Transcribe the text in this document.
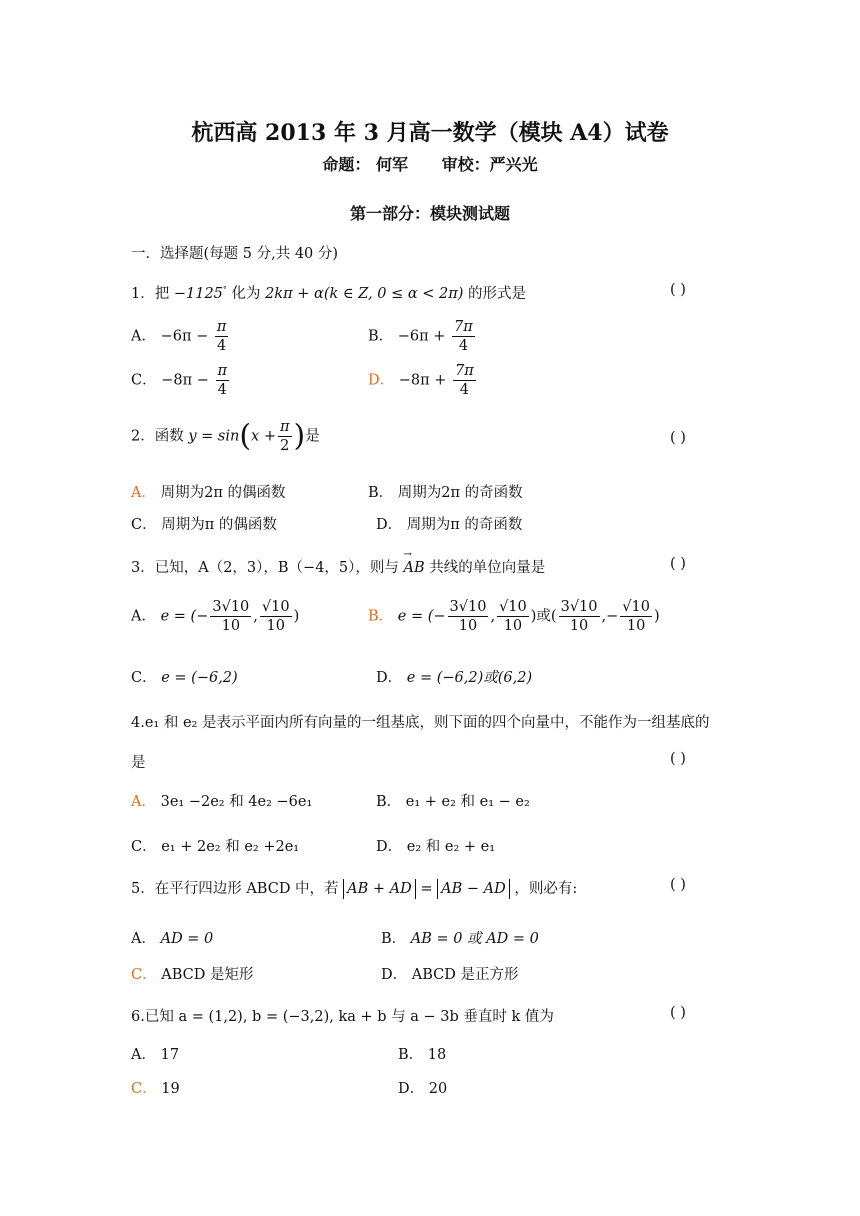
杭西高 2013 年 3 月高一数学（模块 A4）试卷
命题： 何军 审校：严兴光
第一部分：模块测试题
一．选择题(每题 5 分,共 40 分)
1．把 −1125° 化为 2kπ + α(k ∈ Z, 0 ≤ α < 2π) 的形式是	( )
A． $-6\pi - \frac{\pi}{4}$	B． $-6\pi + \frac{7\pi}{4}$
C． $-8\pi - \frac{\pi}{4}$	D． $-8\pi + \frac{7\pi}{4}$
2．函数 $y = \sin(x + \frac{\pi}{2}$ )是	( )
A． 周期为2π 的偶函数	B． 周期为2π 的奇函数
C． 周期为π 的偶函数	D． 周期为π 的奇函数
3．已知，A（2，3），B（−4，5），则与 → AB 共线的单位向量是	( )
A． e = (− $\frac{3√10}{10}$ , $\frac{√10}{10}$ )	B． e = (− $\frac{3√10}{10}$ , $\frac{√10}{10}$ )或( $\frac{3√10}{10}$ ,− $\frac{√10}{10}$ )
C． e = (−6,2)	D． e = (−6,2)或(6,2)
4.e₁ 和 e₂ 是表示平面内所有向量的一组基底，则下面的四个向量中，不能作为一组基底的
是	( )
A． 3e₁ −2e₂ 和 4e₂ −6e₁	B． e₁ + e₂ 和 e₁ − e₂
C． e₁ + 2e₂ 和 e₂ +2e₁	D． e₂ 和 e₂ + e₁
5．在平行四边形 ABCD 中，若 AB + AD = AB − AD ，则必有:	( )
A． AD = 0	B． AB = 0 或 AD = 0
C． ABCD 是矩形	D． ABCD 是正方形
6.已知 a = (1,2), b = (−3,2), ka + b 与 a − 3b 垂直时 k 值为	( )
A． 17	B． 18
C． 19	D． 20
